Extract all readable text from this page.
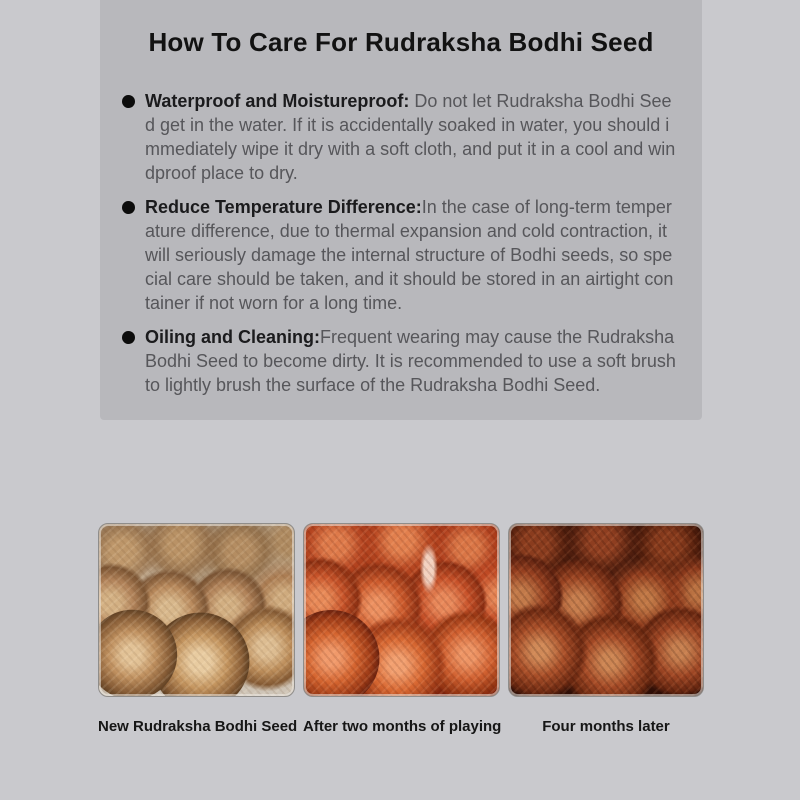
How To Care For Rudraksha Bodhi Seed

Waterproof and Moistureproof: Do not let Rudraksha Bodhi Seed get in the water. If it is accidentally soaked in water, you should immediately wipe it dry with a soft cloth, and put it in a cool and windproof place to dry.

Reduce Temperature Difference:In the case of long-term temperature difference, due to thermal expansion and cold contraction, it will seriously damage the internal structure of Bodhi seeds, so special care should be taken, and it should be stored in an airtight container if not worn for a long time.

Oiling and Cleaning:Frequent wearing may cause the Rudraksha Bodhi Seed to become dirty. It is recommended to use a soft brush to lightly brush the surface of the Rudraksha Bodhi Seed.

New Rudraksha Bodhi Seed After two months of playing	Four months later
